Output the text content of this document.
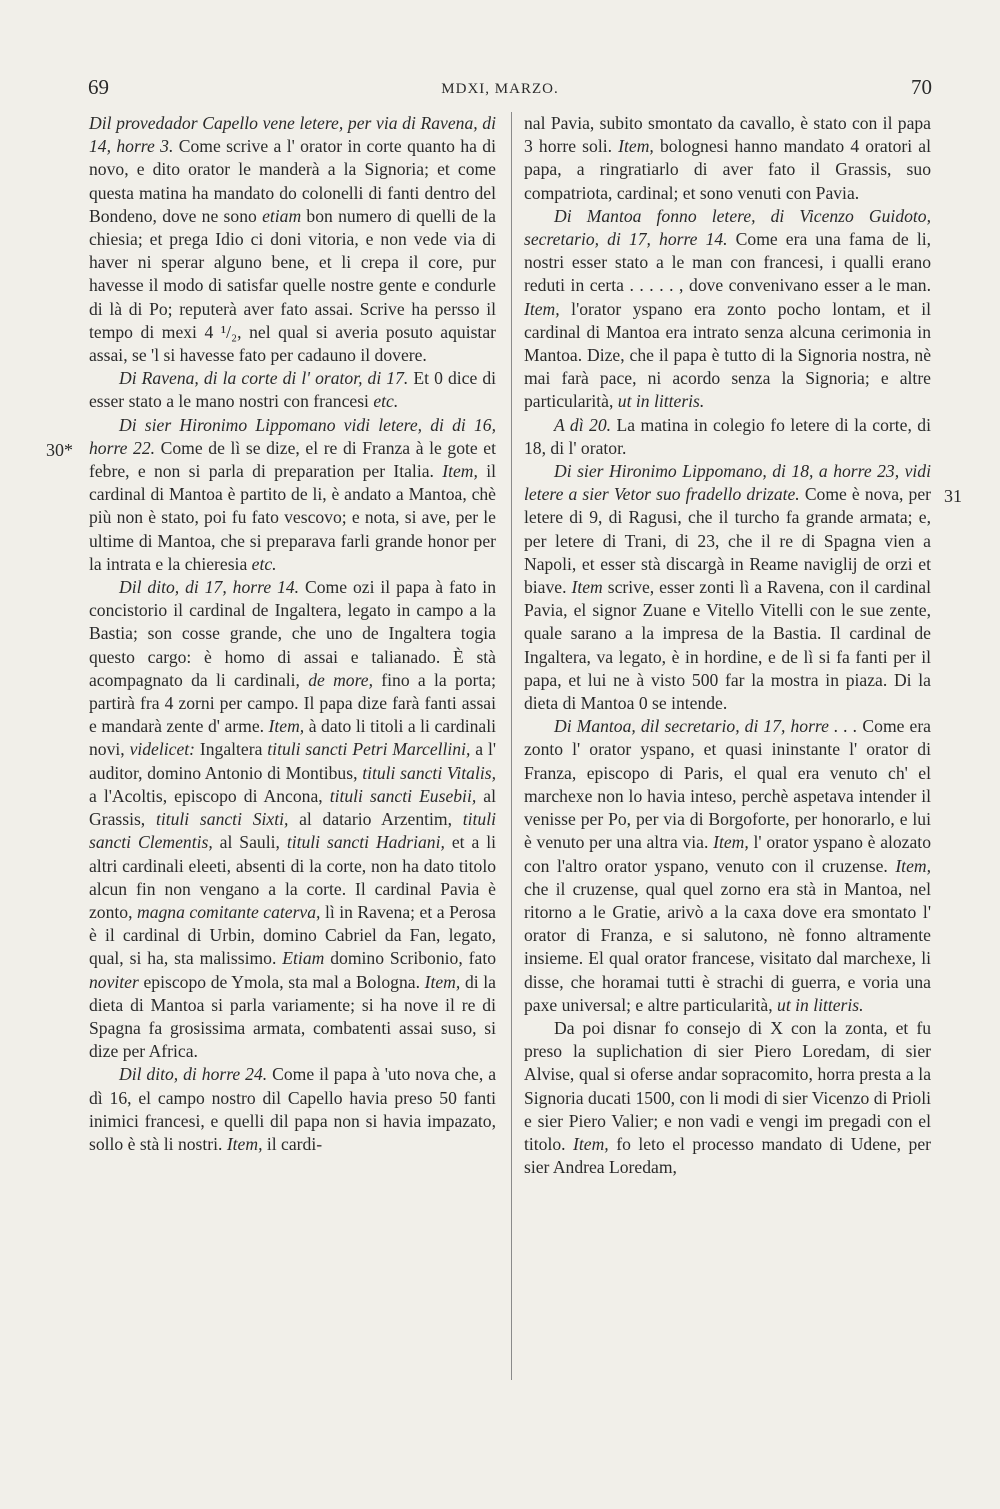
69	MDXI, MARZO.	70
30*
31

Dil provedador Capello vene letere, per via di Ravena, di 14, horre 3. Come scrive a l' orator in corte quanto ha di novo, e dito orator le manderà a la Signoria; et come questa matina ha mandato do colonelli di fanti dentro del Bondeno, dove ne sono etiam bon numero di quelli de la chiesia; et prega Idio ci doni vitoria, e non vede via di haver ni sperar alguno bene, et li crepa il core, pur havesse il modo di satisfar quelle nostre gente e condurle di là di Po; reputerà aver fato assai. Scrive ha persso il tempo di mexi 4 ¹/₂, nel qual si averia posuto aquistar assai, se 'l si havesse fato per cadauno il dovere.

Di Ravena, di la corte di l' orator, di 17. Et 0 dice di esser stato a le mano nostri con francesi etc.

Di sier Hironimo Lippomano vidi letere, di di 16, horre 22. Come de lì se dize, el re di Franza à le gote et febre, e non si parla di preparation per Italia. Item, il cardinal di Mantoa è partito de li, è andato a Mantoa, chè più non è stato, poi fu fato vescovo; e nota, si ave, per le ultime di Mantoa, che si preparava farli grande honor per la intrata e la chieresia etc.

Dil dito, di 17, horre 14. Come ozi il papa à fato in concistorio il cardinal de Ingaltera, legato in campo a la Bastia; son cosse grande, che uno de Ingaltera togia questo cargo: è homo di assai e talianado. È stà acompagnato da li cardinali, de more, fino a la porta; partirà fra 4 zorni per campo. Il papa dize farà fanti assai e mandarà zente d' arme. Item, à dato li titoli a li cardinali novi, videlicet: Ingaltera tituli sancti Petri Marcellini, a l' auditor, domino Antonio di Montibus, tituli sancti Vitalis, a l'Acoltis, episcopo di Ancona, tituli sancti Eusebii, al Grassis, tituli sancti Sixti, al datario Arzentim, tituli sancti Clementis, al Sauli, tituli sancti Hadriani, et a li altri cardinali eleeti, absenti di la corte, non ha dato titolo alcun fin non vengano a la corte. Il cardinal Pavia è zonto, magna comitante caterva, lì in Ravena; et a Perosa è il cardinal di Urbin, domino Cabriel da Fan, legato, qual, si ha, sta malissimo. Etiam domino Scribonio, fato noviter episcopo de Ymola, sta mal a Bologna. Item, di la dieta di Mantoa si parla variamente; si ha nove il re di Spagna fa grosissima armata, combatenti assai suso, si dize per Africa.

Dil dito, di horre 24. Come il papa à 'uto nova che, a dì 16, el campo nostro dil Capello havia preso 50 fanti inimici francesi, e quelli dil papa non si havia impazato, sollo è stà li nostri. Item, il cardi-

nal Pavia, subito smontato da cavallo, è stato con il papa 3 horre soli. Item, bolognesi hanno mandato 4 oratori al papa, a ringratiarlo di aver fato il Grassis, suo compatriota, cardinal; et sono venuti con Pavia.

Di Mantoa fonno letere, di Vicenzo Guidoto, secretario, di 17, horre 14. Come era una fama de li, nostri esser stato a le man con francesi, i qualli erano reduti in certa . . . . . , dove convenivano esser a le man. Item, l'orator yspano era zonto pocho lontam, et il cardinal di Mantoa era intrato senza alcuna cerimonia in Mantoa. Dize, che il papa è tutto di la Signoria nostra, nè mai farà pace, ni acordo senza la Signoria; e altre particularità, ut in litteris.

A dì 20. La matina in colegio fo letere di la corte, di 18, di l' orator.

Di sier Hironimo Lippomano, di 18, a horre 23, vidi letere a sier Vetor suo fradello drizate. Come è nova, per letere di 9, di Ragusi, che il turcho fa grande armata; e, per letere di Trani, di 23, che il re di Spagna vien a Napoli, et esser stà discargà in Reame naviglij de orzi et biave. Item scrive, esser zonti lì a Ravena, con il cardinal Pavia, el signor Zuane e Vitello Vitelli con le sue zente, quale sarano a la impresa de la Bastia. Il cardinal de Ingaltera, va legato, è in hordine, e de lì si fa fanti per il papa, et lui ne à visto 500 far la mostra in piaza. Di la dieta di Mantoa 0 se intende.

Di Mantoa, dil secretario, di 17, horre . . . Come era zonto l' orator yspano, et quasi ininstante l' orator di Franza, episcopo di Paris, el qual era venuto ch' el marchexe non lo havia inteso, perchè aspetava intender il venisse per Po, per via di Borgoforte, per honorarlo, e lui è venuto per una altra via. Item, l' orator yspano è alozato con l'altro orator yspano, venuto con il cruzense. Item, che il cruzense, qual quel zorno era stà in Mantoa, nel ritorno a le Gratie, arivò a la caxa dove era smontato l' orator di Franza, e si salutono, nè fonno altramente insieme. El qual orator francese, visitato dal marchexe, li disse, che horamai tutti è strachi di guerra, e voria una paxe universal; e altre particularità, ut in litteris.

Da poi disnar fo consejo di X con la zonta, et fu preso la suplichation di sier Piero Loredam, di sier Alvise, qual si oferse andar sopracomito, horra presta a la Signoria ducati 1500, con li modi di sier Vicenzo di Prioli e sier Piero Valier; e non vadi e vengi im pregadi con el titolo. Item, fo leto el processo mandato di Udene, per sier Andrea Loredam,
